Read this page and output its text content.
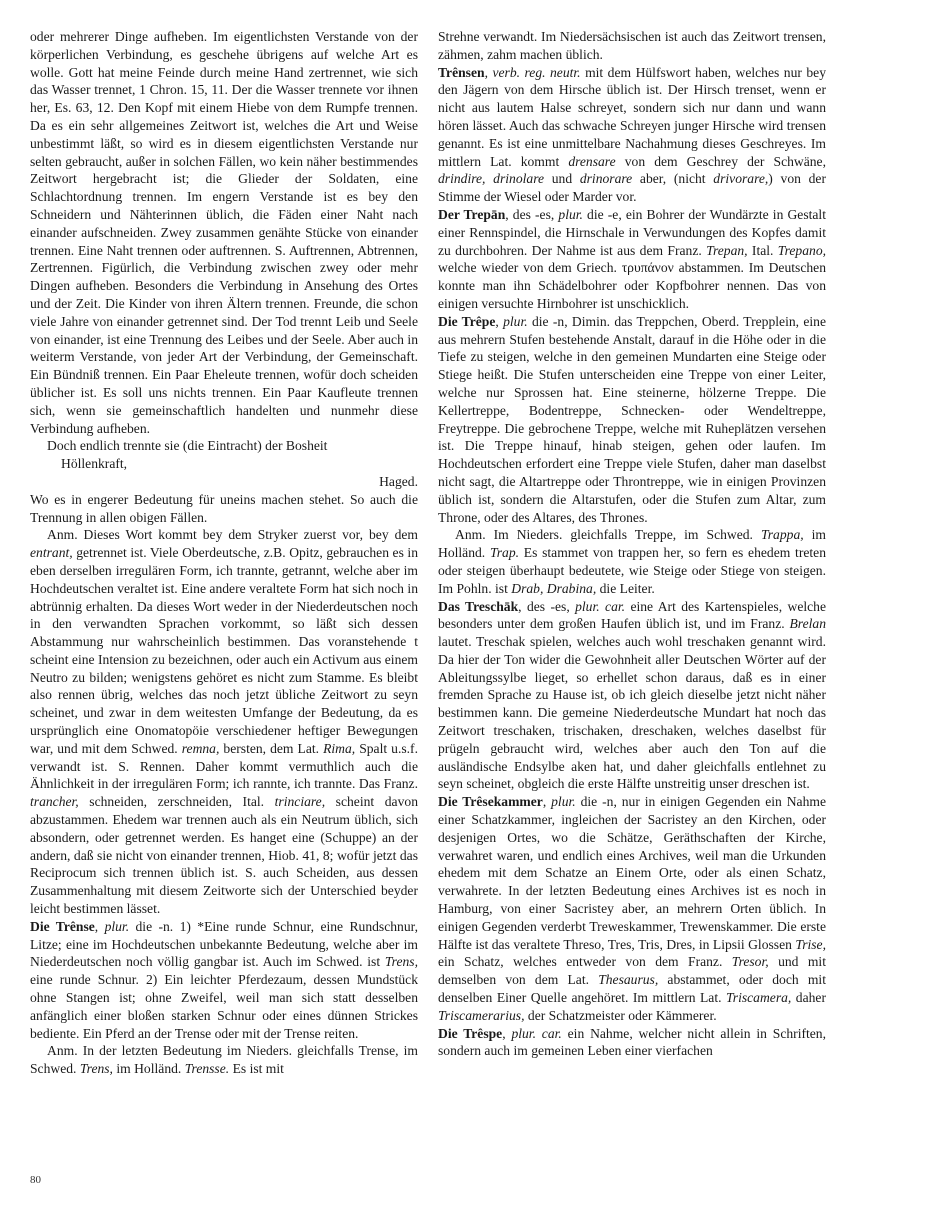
oder mehrerer Dinge aufheben. Im eigentlichsten Verstande von der körperlichen Verbindung, es geschehe übrigens auf welche Art es wolle. Gott hat meine Feinde durch meine Hand zertrennet, wie sich das Wasser trennet, 1 Chron. 15, 11. Der die Wasser trennete vor ihnen her, Es. 63, 12. Den Kopf mit einem Hiebe von dem Rumpfe trennen. Da es ein sehr allgemeines Zeitwort ist, welches die Art und Weise unbestimmt läßt, so wird es in diesem eigentlichsten Verstande nur selten gebraucht, außer in solchen Fällen, wo kein näher bestimmendes Zeitwort hergebracht ist; die Glieder der Soldaten, eine Schlachtordnung trennen. Im engern Verstande ist es bey den Schneidern und Nähterinnen üblich, die Fäden einer Naht nach einander aufschneiden. Zwey zusammen genähte Stücke von einander trennen. Eine Naht trennen oder auftrennen. S. Auftrennen, Abtrennen, Zertrennen. Figürlich, die Verbindung zwischen zwey oder mehr Dingen aufheben. Besonders die Verbindung in Ansehung des Ortes und der Zeit. Die Kinder von ihren Ältern trennen. Freunde, die schon viele Jahre von einander getrennet sind. Der Tod trennt Leib und Seele von einander, ist eine Trennung des Leibes und der Seele. Aber auch in weiterm Verstande, von jeder Art der Verbindung, der Gemeinschaft. Ein Bündniß trennen. Ein Paar Eheleute trennen, wofür doch scheiden üblicher ist. Es soll uns nichts trennen. Ein Paar Kaufleute trennen sich, wenn sie gemeinschaftlich handelten und nunmehr diese Verbindung aufheben.

Doch endlich trennte sie (die Eintracht) der Bosheit

Höllenkraft,

Haged.

Wo es in engerer Bedeutung für uneins machen stehet. So auch die Trennung in allen obigen Fällen.

Anm. Dieses Wort kommt bey dem Stryker zuerst vor, bey dem entrant, getrennet ist. Viele Oberdeutsche, z.B. Opitz, gebrauchen es in eben derselben irregulären Form, ich trannte, getrannt, welche aber im Hochdeutschen veraltet ist. Eine andere veraltete Form hat sich noch in abtrünnig erhalten. Da dieses Wort weder in der Niederdeutschen noch in den verwandten Sprachen vorkommt, so läßt sich dessen Abstammung nur wahrscheinlich bestimmen. Das voranstehende t scheint eine Intension zu bezeichnen, oder auch ein Activum aus einem Neutro zu bilden; wenigstens gehöret es nicht zum Stamme. Es bleibt also rennen übrig, welches das noch jetzt übliche Zeitwort zu seyn scheinet, und zwar in dem weitesten Umfange der Bedeutung, da es ursprünglich eine Onomatopöie verschiedener heftiger Bewegungen war, und mit dem Schwed. remna, bersten, dem Lat. Rima, Spalt u.s.f. verwandt ist. S. Rennen. Daher kommt vermuthlich auch die Ähnlichkeit in der irregulären Form; ich rannte, ich trannte. Das Franz. trancher, schneiden, zerschneiden, Ital. trinciare, scheint davon abzustammen. Ehedem war trennen auch als ein Neutrum üblich, sich absondern, oder getrennet werden. Es hanget eine (Schuppe) an der andern, daß sie nicht von einander trennen, Hiob. 41, 8; wofür jetzt das Reciprocum sich trennen üblich ist. S. auch Scheiden, aus dessen Zusammenhaltung mit diesem Zeitworte sich der Unterschied beyder leicht bestimmen lässet.

Die Trênse, plur. die -n. 1) *Eine runde Schnur, eine Rundschnur, Litze; eine im Hochdeutschen unbekannte Bedeutung, welche aber im Niederdeutschen noch völlig gangbar ist. Auch im Schwed. ist Trens, eine runde Schnur. 2) Ein leichter Pferdezaum, dessen Mundstück ohne Stangen ist; ohne Zweifel, weil man sich statt desselben anfänglich einer bloßen starken Schnur oder eines dünnen Strickes bediente. Ein Pferd an der Trense oder mit der Trense reiten.

Anm. In der letzten Bedeutung im Nieders. gleichfalls Trense, im Schwed. Trens, im Holländ. Trensse. Es ist mit

Strehne verwandt. Im Niedersächsischen ist auch das Zeitwort trensen, zähmen, zahm machen üblich.

Trênsen, verb. reg. neutr. mit dem Hülfswort haben, welches nur bey den Jägern von dem Hirsche üblich ist. Der Hirsch trenset, wenn er nicht aus lautem Halse schreyet, sondern sich nur dann und wann hören lässet. Auch das schwache Schreyen junger Hirsche wird trensen genannt. Es ist eine unmittelbare Nachahmung dieses Geschreyes. Im mittlern Lat. kommt drensare von dem Geschrey der Schwäne, drindire, drinolare und drinorare aber, (nicht drivorare,) von der Stimme der Wiesel oder Marder vor.

Der Trepān, des -es, plur. die -e, ein Bohrer der Wundärzte in Gestalt einer Rennspindel, die Hirnschale in Verwundungen des Kopfes damit zu durchbohren. Der Nahme ist aus dem Franz. Trepan, Ital. Trepano, welche wieder von dem Griech. τρυπάνον abstammen. Im Deutschen konnte man ihn Schädelbohrer oder Kopfbohrer nennen. Das von einigen versuchte Hirnbohrer ist unschicklich.

Die Trêpe, plur. die -n, Dimin. das Treppchen, Oberd. Trepplein, eine aus mehrern Stufen bestehende Anstalt, darauf in die Höhe oder in die Tiefe zu steigen, welche in den gemeinen Mundarten eine Steige oder Stiege heißt. Die Stufen unterscheiden eine Treppe von einer Leiter, welche nur Sprossen hat. Eine steinerne, hölzerne Treppe. Die Kellertreppe, Bodentreppe, Schnecken- oder Wendeltreppe, Freytreppe. Die gebrochene Treppe, welche mit Ruheplätzen versehen ist. Die Treppe hinauf, hinab steigen, gehen oder laufen. Im Hochdeutschen erfordert eine Treppe viele Stufen, daher man daselbst nicht sagt, die Altartreppe oder Throntreppe, wie in einigen Provinzen üblich ist, sondern die Altarstufen, oder die Stufen zum Altar, zum Throne, oder des Altares, des Thrones.

Anm. Im Nieders. gleichfalls Treppe, im Schwed. Trappa, im Holländ. Trap. Es stammet von trappen her, so fern es ehedem treten oder steigen überhaupt bedeutete, wie Steige oder Stiege von steigen. Im Pohln. ist Drab, Drabina, die Leiter.

Das Treschāk, des -es, plur. car. eine Art des Kartenspieles, welche besonders unter dem großen Haufen üblich ist, und im Franz. Brelan lautet. Treschak spielen, welches auch wohl treschaken genannt wird. Da hier der Ton wider die Gewohnheit aller Deutschen Wörter auf der Ableitungssylbe lieget, so erhellet schon daraus, daß es in einer fremden Sprache zu Hause ist, ob ich gleich dieselbe jetzt nicht näher bestimmen kann. Die gemeine Niederdeutsche Mundart hat noch das Zeitwort treschaken, trischaken, dreschaken, welches daselbst für prügeln gebraucht wird, welches aber auch den Ton auf die ausländische Endsylbe aken hat, und daher gleichfalls entlehnet zu seyn scheinet, obgleich die erste Hälfte unstreitig unser dreschen ist.

Die Trêsekammer, plur. die -n, nur in einigen Gegenden ein Nahme einer Schatzkammer, ingleichen der Sacristey an den Kirchen, oder desjenigen Ortes, wo die Schätze, Geräthschaften der Kirche, verwahret waren, und endlich eines Archives, weil man die Urkunden ehedem mit dem Schatze an Einem Orte, oder als einen Schatz, verwahrete. In der letzten Bedeutung eines Archives ist es noch in Hamburg, von einer Sacristey aber, an mehrern Orten üblich. In einigen Gegenden verderbt Treweskammer, Trewenskammer. Die erste Hälfte ist das veraltete Threso, Tres, Tris, Dres, in Lipsii Glossen Trise, ein Schatz, welches entweder von dem Franz. Tresor, und mit demselben von dem Lat. Thesaurus, abstammet, oder doch mit denselben Einer Quelle angehöret. Im mittlern Lat. Triscamera, daher Triscamerarius, der Schatzmeister oder Kämmerer.

Die Trêspe, plur. car. ein Nahme, welcher nicht allein in Schriften, sondern auch im gemeinen Leben einer vierfachen

80
